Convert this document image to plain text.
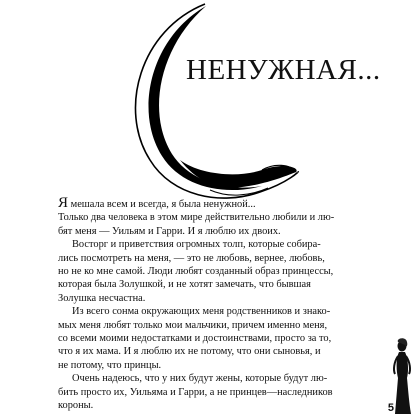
НЕНУЖНАЯ...

Я мешала всем и всегда, я была ненужной...
Только два человека в этом мире действительно любили и лю-
бят меня — Уильям и Гарри. И я люблю их двоих.

Восторг и приветствия огромных толп, которые собира-
лись посмотреть на меня, — это не любовь, вернее, любовь,
но не ко мне самой. Люди любят созданный образ принцессы,
которая была Золушкой, и не хотят замечать, что бывшая
Золушка несчастна.

Из всего сонма окружающих меня родственников и знако-
мых меня любят только мои мальчики, причем именно меня,
со всеми моими недостатками и достоинствами, просто за то,
что я их мама. И я люблю их не потому, что они сыновья, и
не потому, что принцы.

Очень надеюсь, что у них будут жены, которые будут лю-
бить просто их, Уильяма и Гарри, а не принцев—наследников
короны.	5
